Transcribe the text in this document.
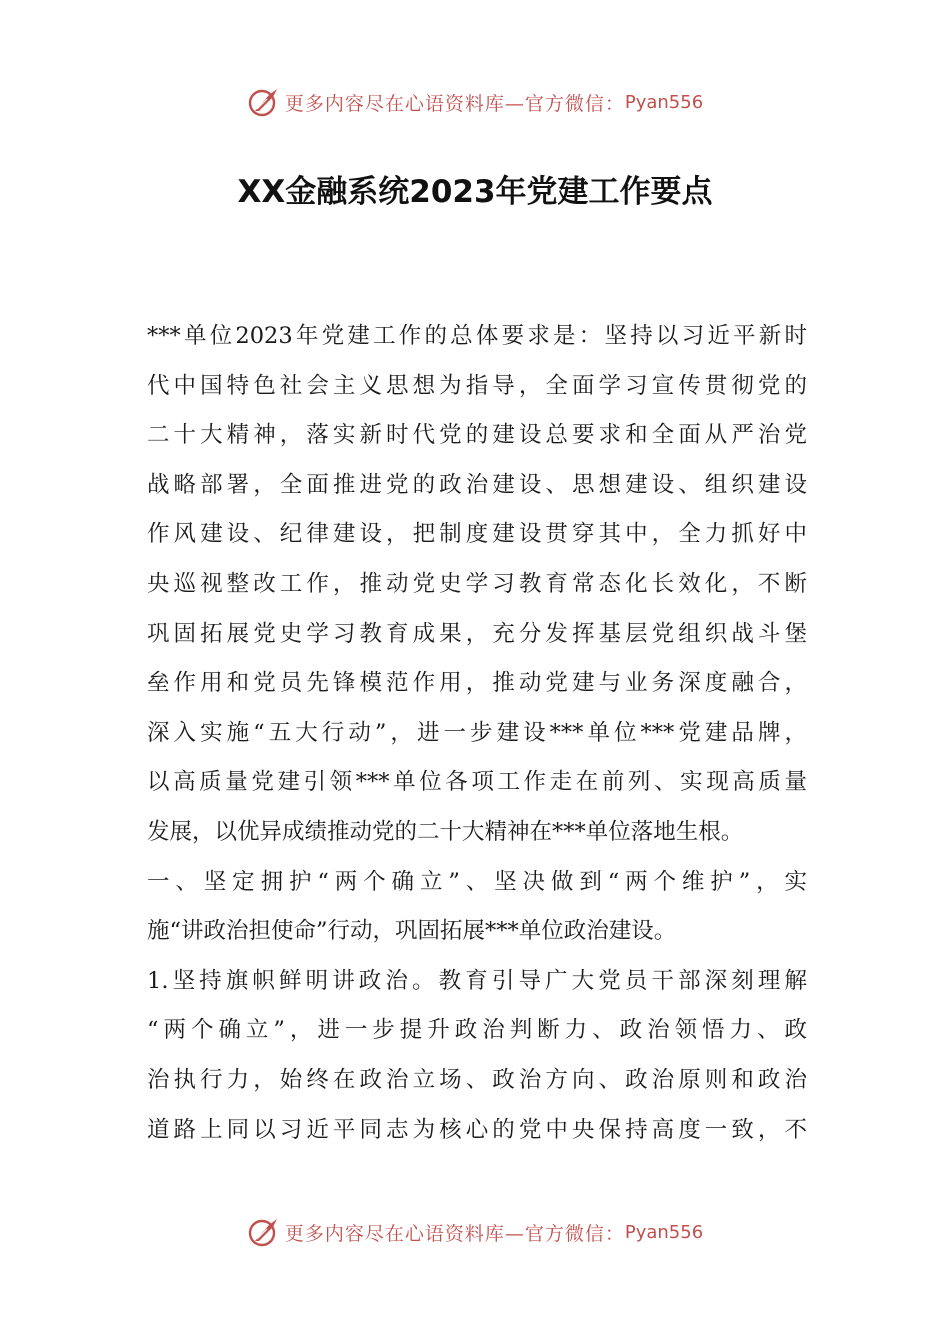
更多内容尽在心语资料库—官方微信： Pyan556
XX金融系统2023年党建工作要点
***单位2023年党建工作的总体要求是：坚持以习近平新时
代中国特色社会主义思想为指导，全面学习宣传贯彻党的
二十大精神，落实新时代党的建设总要求和全面从严治党
战略部署，全面推进党的政治建设、思想建设、组织建设
作风建设、纪律建设，把制度建设贯穿其中，全力抓好中
央巡视整改工作，推动党史学习教育常态化长效化，不断
巩固拓展党史学习教育成果，充分发挥基层党组织战斗堡
垒作用和党员先锋模范作用，推动党建与业务深度融合，
深入实施“五大行动”，进一步建设***单位***党建品牌，
以高质量党建引领***单位各项工作走在前列、实现高质量
发展，以优异成绩推动党的二十大精神在***单位落地生根。
一、坚定拥护“两个确立”、坚决做到“两个维护”，实
施“讲政治担使命”行动，巩固拓展***单位政治建设。
1.坚持旗帜鲜明讲政治。教育引导广大党员干部深刻理解
“两个确立”，进一步提升政治判断力、政治领悟力、政
治执行力，始终在政治立场、政治方向、政治原则和政治
道路上同以习近平同志为核心的党中央保持高度一致，不
更多内容尽在心语资料库—官方微信： Pyan556
